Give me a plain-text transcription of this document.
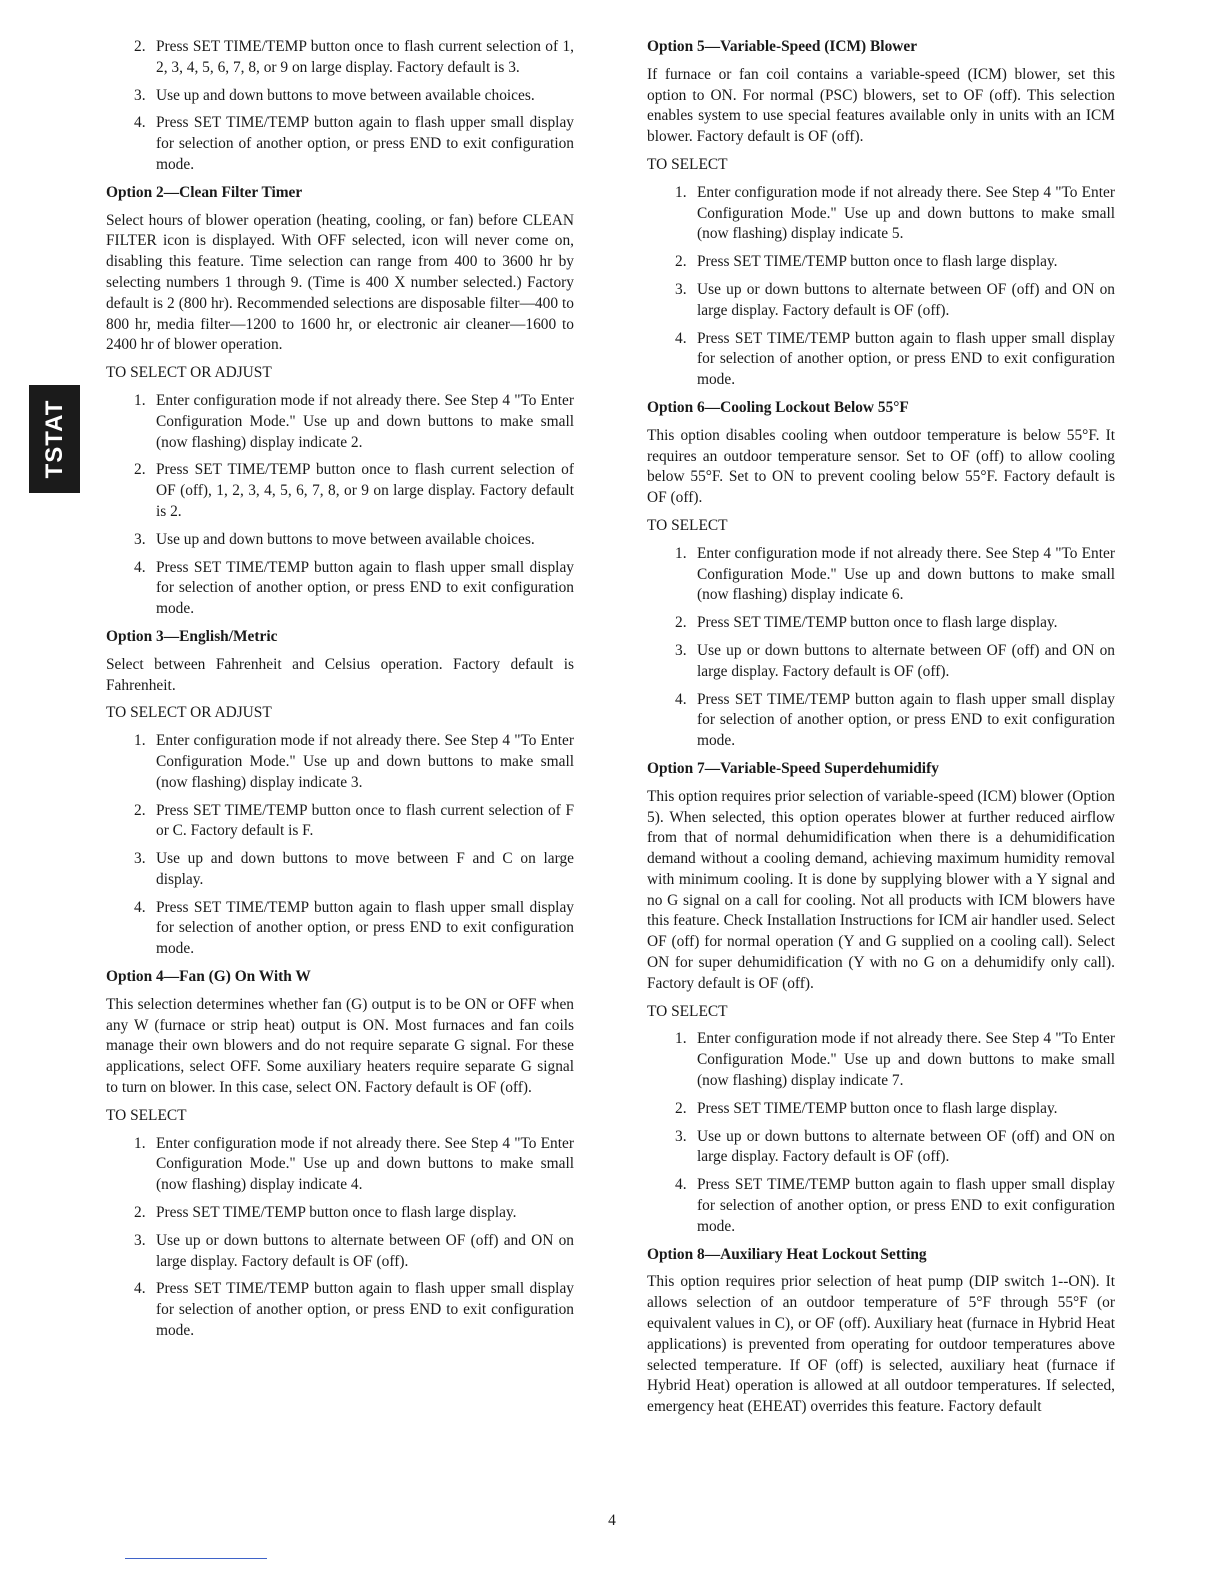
TSTAT
2. Press SET TIME/TEMP button once to flash current selection of 1, 2, 3, 4, 5, 6, 7, 8, or 9 on large display. Factory default is 3.
3. Use up and down buttons to move between available choices.
4. Press SET TIME/TEMP button again to flash upper small display for selection of another option, or press END to exit configuration mode.

Option 2—Clean Filter Timer

Select hours of blower operation (heating, cooling, or fan) before CLEAN FILTER icon is displayed. With OFF selected, icon will never come on, disabling this feature. Time selection can range from 400 to 3600 hr by selecting numbers 1 through 9. (Time is 400 X number selected.) Factory default is 2 (800 hr). Recommended selections are disposable filter—400 to 800 hr, media filter—1200 to 1600 hr, or electronic air cleaner—1600 to 2400 hr of blower operation.

TO SELECT OR ADJUST

1. Enter configuration mode if not already there. See Step 4 "To Enter Configuration Mode." Use up and down buttons to make small (now flashing) display indicate 2.
2. Press SET TIME/TEMP button once to flash current selection of OF (off), 1, 2, 3, 4, 5, 6, 7, 8, or 9 on large display. Factory default is 2.
3. Use up and down buttons to move between available choices.
4. Press SET TIME/TEMP button again to flash upper small display for selection of another option, or press END to exit configuration mode.

Option 3—English/Metric

Select between Fahrenheit and Celsius operation. Factory default is Fahrenheit.

TO SELECT OR ADJUST

1. Enter configuration mode if not already there. See Step 4 "To Enter Configuration Mode." Use up and down buttons to make small (now flashing) display indicate 3.
2. Press SET TIME/TEMP button once to flash current selection of F or C. Factory default is F.
3. Use up and down buttons to move between F and C on large display.
4. Press SET TIME/TEMP button again to flash upper small display for selection of another option, or press END to exit configuration mode.

Option 4—Fan (G) On With W

This selection determines whether fan (G) output is to be ON or OFF when any W (furnace or strip heat) output is ON. Most furnaces and fan coils manage their own blowers and do not require separate G signal. For these applications, select OFF. Some auxiliary heaters require separate G signal to turn on blower. In this case, select ON. Factory default is OF (off).

TO SELECT

1. Enter configuration mode if not already there. See Step 4 "To Enter Configuration Mode." Use up and down buttons to make small (now flashing) display indicate 4.
2. Press SET TIME/TEMP button once to flash large display.
3. Use up or down buttons to alternate between OF (off) and ON on large display. Factory default is OF (off).
4. Press SET TIME/TEMP button again to flash upper small display for selection of another option, or press END to exit configuration mode.

Option 5—Variable-Speed (ICM) Blower

If furnace or fan coil contains a variable-speed (ICM) blower, set this option to ON. For normal (PSC) blowers, set to OF (off). This selection enables system to use special features available only in units with an ICM blower. Factory default is OF (off).

TO SELECT

1. Enter configuration mode if not already there. See Step 4 "To Enter Configuration Mode." Use up and down buttons to make small (now flashing) display indicate 5.
2. Press SET TIME/TEMP button once to flash large display.
3. Use up or down buttons to alternate between OF (off) and ON on large display. Factory default is OF (off).
4. Press SET TIME/TEMP button again to flash upper small display for selection of another option, or press END to exit configuration mode.

Option 6—Cooling Lockout Below 55°F

This option disables cooling when outdoor temperature is below 55°F. It requires an outdoor temperature sensor. Set to OF (off) to allow cooling below 55°F. Set to ON to prevent cooling below 55°F. Factory default is OF (off).

TO SELECT

1. Enter configuration mode if not already there. See Step 4 "To Enter Configuration Mode." Use up and down buttons to make small (now flashing) display indicate 6.
2. Press SET TIME/TEMP button once to flash large display.
3. Use up or down buttons to alternate between OF (off) and ON on large display. Factory default is OF (off).
4. Press SET TIME/TEMP button again to flash upper small display for selection of another option, or press END to exit configuration mode.

Option 7—Variable-Speed Superdehumidify

This option requires prior selection of variable-speed (ICM) blower (Option 5). When selected, this option operates blower at further reduced airflow from that of normal dehumidification when there is a dehumidification demand without a cooling demand, achieving maximum humidity removal with minimum cooling. It is done by supplying blower with a Y signal and no G signal on a call for cooling. Not all products with ICM blowers have this feature. Check Installation Instructions for ICM air handler used. Select OF (off) for normal operation (Y and G supplied on a cooling call). Select ON for super dehumidification (Y with no G on a dehumidify only call). Factory default is OF (off).

TO SELECT

1. Enter configuration mode if not already there. See Step 4 "To Enter Configuration Mode." Use up and down buttons to make small (now flashing) display indicate 7.
2. Press SET TIME/TEMP button once to flash large display.
3. Use up or down buttons to alternate between OF (off) and ON on large display. Factory default is OF (off).
4. Press SET TIME/TEMP button again to flash upper small display for selection of another option, or press END to exit configuration mode.

Option 8—Auxiliary Heat Lockout Setting

This option requires prior selection of heat pump (DIP switch 1--ON). It allows selection of an outdoor temperature of 5°F through 55°F (or equivalent values in C), or OF (off). Auxiliary heat (furnace in Hybrid Heat applications) is prevented from operating for outdoor temperatures above selected temperature. If OF (off) is selected, auxiliary heat (furnace if Hybrid Heat) operation is allowed at all outdoor temperatures. If selected, emergency heat (EHEAT) overrides this feature. Factory default

4
